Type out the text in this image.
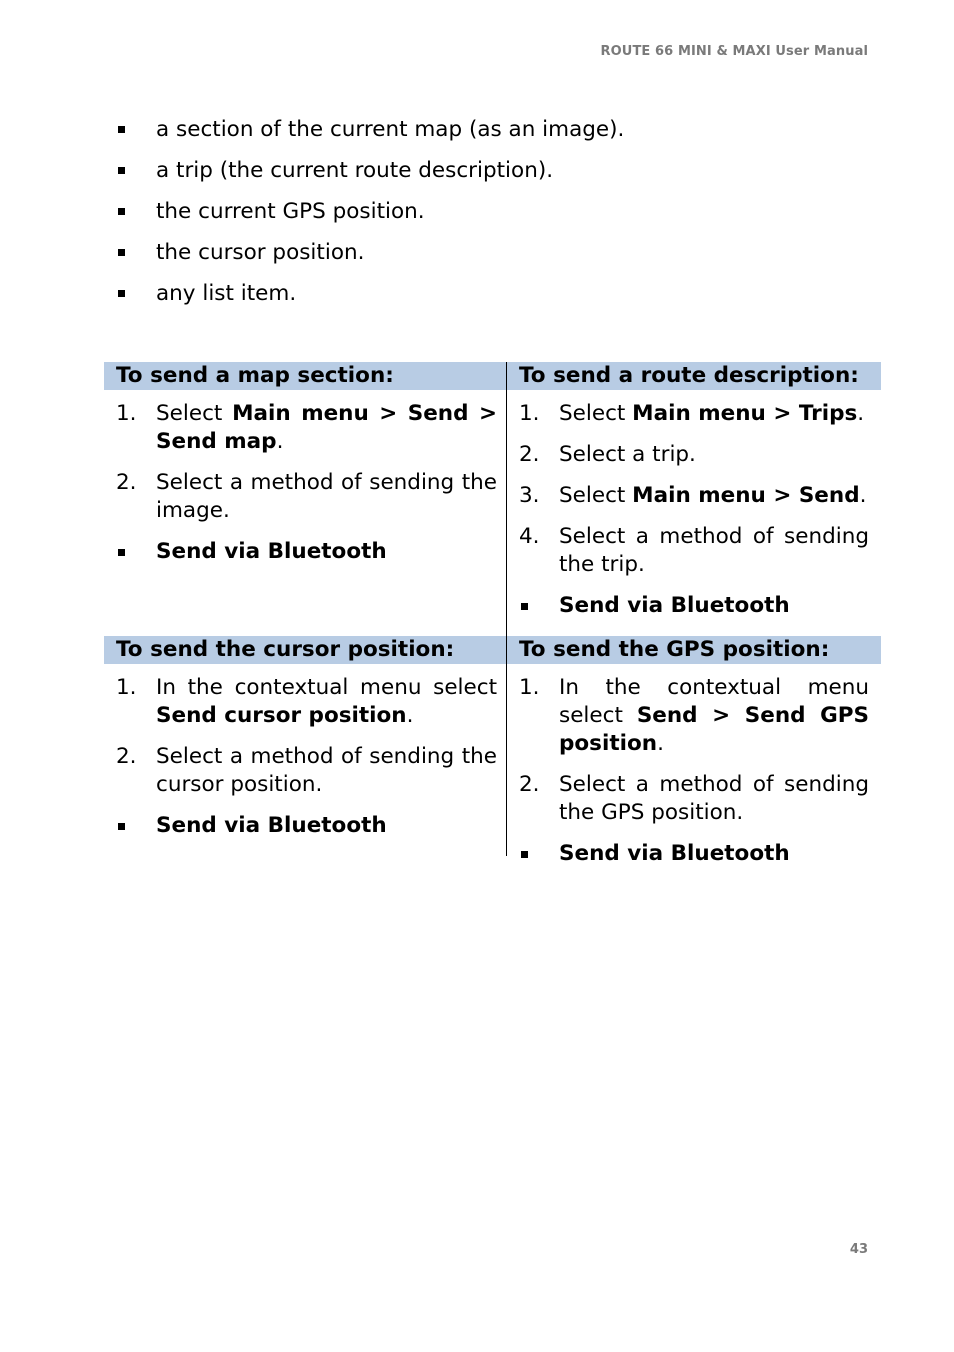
ROUTE 66 MINI & MAXI User Manual
a section of the current map (as an image).
a trip (the current route description).
the current GPS position.
the cursor position.
any list item.
To send a map section:	To send a route description:
1. Select Main menu > Send > Send map.
2. Select a method of sending the image.
Send via Bluetooth
1. Select Main menu > Trips.
2. Select a trip.
3. Select Main menu > Send.
4. Select a method of sending the trip.
Send via Bluetooth
To send the cursor position:	To send the GPS position:
1. In the contextual menu select Send cursor position.
2. Select a method of sending the cursor position.
Send via Bluetooth
1. In the contextual menu select Send > Send GPS position.
2. Select a method of sending the GPS position.
Send via Bluetooth
43
